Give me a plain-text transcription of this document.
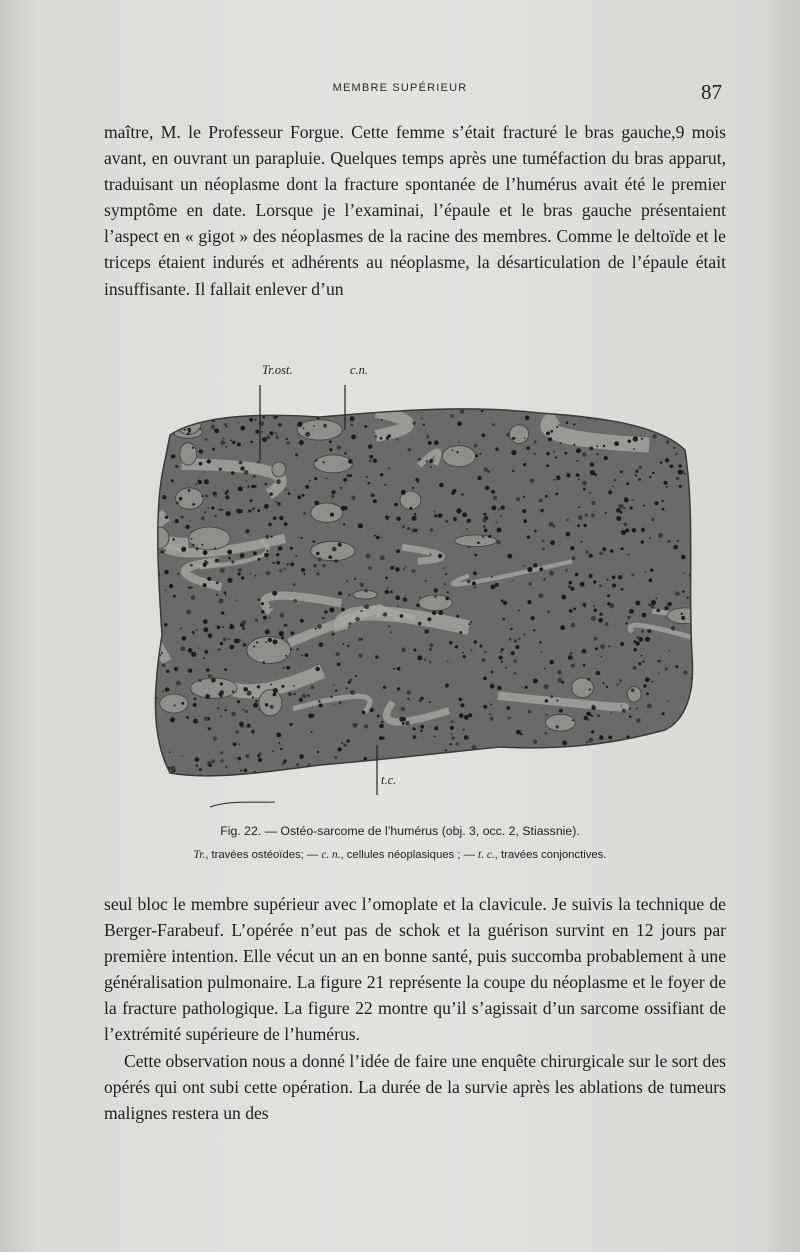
MEMBRE SUPÉRIEUR	87

maître, M. le Professeur Forgue. Cette femme s’était fracturé le bras gauche,9 mois avant, en ouvrant un parapluie. Quelques temps après une tuméfaction du bras apparut, traduisant un néoplasme dont la fracture spontanée de l’humérus avait été le premier symptôme en date. Lorsque je l’examinai, l’épaule et le bras gauche présentaient l’aspect en « gigot » des néoplasmes de la racine des membres. Comme le deltoïde et le triceps étaient indurés et adhérents au néoplasme, la désarticulation de l’épaule était insuffisante. Il fallait enlever d’un

Tr.ost.	c.n.
t.c.
Fig. 22. — Ostéo-sarcome de l’humérus (obj. 3, occ. 2, Stiassnie).
Tr., travées ostéoïdes; — c. n., cellules néoplasiques ; — t. c., travées conjonctives.

seul bloc le membre supérieur avec l’omoplate et la clavicule. Je suivis la technique de Berger-Farabeuf. L’opérée n’eut pas de schok et la guérison survint en 12 jours par première intention. Elle vécut un an en bonne santé, puis succomba probablement à une généralisation pulmonaire. La figure 21 représente la coupe du néoplasme et le foyer de la fracture pathologique. La figure 22 montre qu’il s’agissait d’un sarcome ossifiant de l’extrémité supérieure de l’humérus.

Cette observation nous a donné l’idée de faire une enquête chirurgicale sur le sort des opérés qui ont subi cette opération. La durée de la survie après les ablations de tumeurs malignes restera un des
